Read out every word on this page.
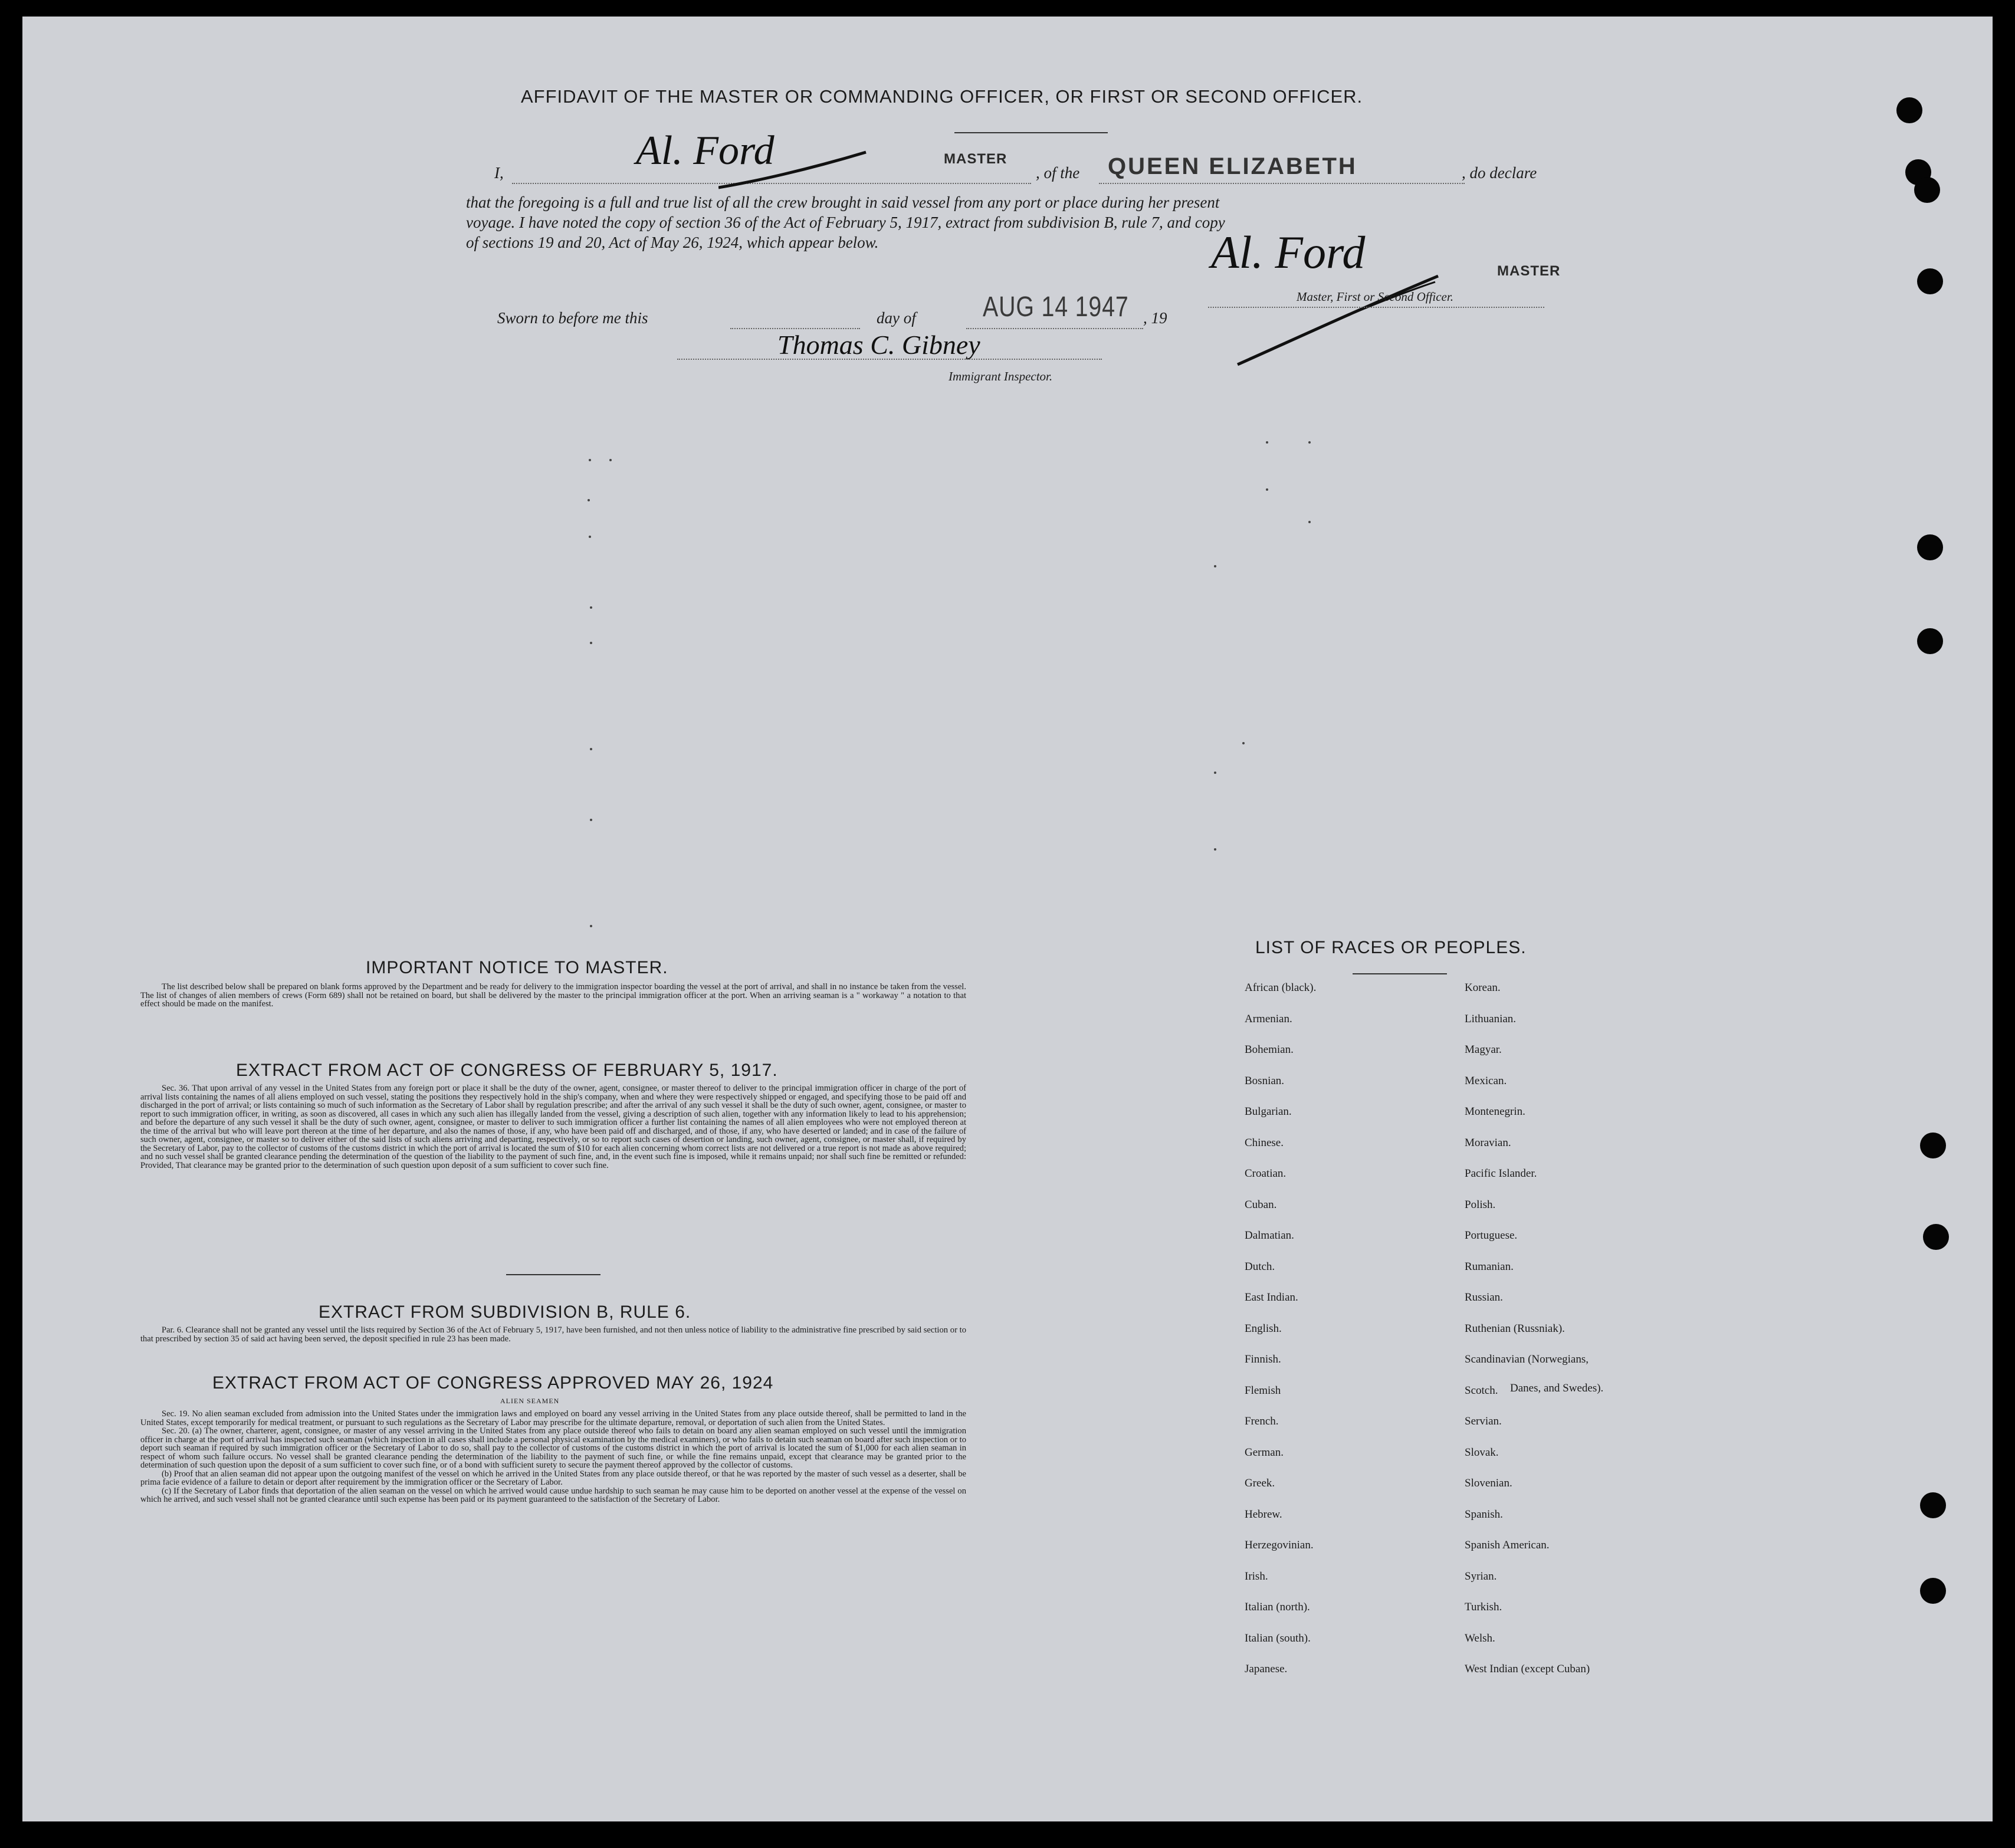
AFFIDAVIT OF THE MASTER OR COMMANDING OFFICER, OR FIRST OR SECOND OFFICER.
I,	Al. Ford	MASTER
, of the QUEEN ELIZABETH	, do declare
that the foregoing is a full and true list of all the crew brought in said vessel from any port or place during her present
voyage. I have noted the copy of section 36 of the Act of February 5, 1917, extract from subdivision B, rule 7, and copy
of sections 19 and 20, Act of May 26, 1924, which appear below.	Al. Ford	MASTER
Master, First or Second Officer.
Sworn to before me this	day of AUG 14 1947 , 19
Thomas C. Gibney
Immigrant Inspector.
IMPORTANT NOTICE TO MASTER.

The list described below shall be prepared on blank forms approved by the Department and be ready for delivery to the immigration inspector boarding the vessel at the port of arrival, and shall in no instance be taken from the vessel. The list of changes of alien members of crews (Form 689) shall not be retained on board, but shall be delivered by the master to the principal immigration officer at the port. When an arriving seaman is a " workaway " a notation to that effect should be made on the manifest.

EXTRACT FROM ACT OF CONGRESS OF FEBRUARY 5, 1917.

Sec. 36. That upon arrival of any vessel in the United States from any foreign port or place it shall be the duty of the owner, agent, consignee, or master thereof to deliver to the principal immigration officer in charge of the port of arrival lists containing the names of all aliens employed on such vessel, stating the positions they respectively hold in the ship's company, when and where they were respectively shipped or engaged, and specifying those to be paid off and discharged in the port of arrival; or lists containing so much of such information as the Secretary of Labor shall by regulation prescribe; and after the arrival of any such vessel it shall be the duty of such owner, agent, consignee, or master to report to such immigration officer, in writing, as soon as discovered, all cases in which any such alien has illegally landed from the vessel, giving a description of such alien, together with any information likely to lead to his apprehension; and before the departure of any such vessel it shall be the duty of such owner, agent, consignee, or master to deliver to such immigration officer a further list containing the names of all alien employees who were not employed thereon at the time of the arrival but who will leave port thereon at the time of her departure, and also the names of those, if any, who have been paid off and discharged, and of those, if any, who have deserted or landed; and in case of the failure of such owner, agent, consignee, or master so to deliver either of the said lists of such aliens arriving and departing, respectively, or so to report such cases of desertion or landing, such owner, agent, consignee, or master shall, if required by the Secretary of Labor, pay to the collector of customs of the customs district in which the port of arrival is located the sum of $10 for each alien concerning whom correct lists are not delivered or a true report is not made as above required; and no such vessel shall be granted clearance pending the determination of the question of the liability to the payment of such fine, and, in the event such fine is imposed, while it remains unpaid; nor shall such fine be remitted or refunded: Provided, That clearance may be granted prior to the determination of such question upon deposit of a sum sufficient to cover such fine.

EXTRACT FROM SUBDIVISION B, RULE 6.

Par. 6. Clearance shall not be granted any vessel until the lists required by Section 36 of the Act of February 5, 1917, have been furnished, and not then unless notice of liability to the administrative fine prescribed by said section or to that prescribed by section 35 of said act having been served, the deposit specified in rule 23 has been made.

EXTRACT FROM ACT OF CONGRESS APPROVED MAY 26, 1924
ALIEN SEAMEN

Sec. 19. No alien seaman excluded from admission into the United States under the immigration laws and employed on board any vessel arriving in the United States from any place outside thereof, shall be permitted to land in the United States, except temporarily for medical treatment, or pursuant to such regulations as the Secretary of Labor may prescribe for the ultimate departure, removal, or deportation of such alien from the United States.

Sec. 20. (a) The owner, charterer, agent, consignee, or master of any vessel arriving in the United States from any place outside thereof who fails to detain on board any alien seaman employed on such vessel until the immigration officer in charge at the port of arrival has inspected such seaman (which inspection in all cases shall include a personal physical examination by the medical examiners), or who fails to detain such seaman on board after such inspection or to deport such seaman if required by such immigration officer or the Secretary of Labor to do so, shall pay to the collector of customs of the customs district in which the port of arrival is located the sum of $1,000 for each alien seaman in respect of whom such failure occurs. No vessel shall be granted clearance pending the determination of the liability to the payment of such fine, or while the fine remains unpaid, except that clearance may be granted prior to the determination of such question upon the deposit of a sum sufficient to cover such fine, or of a bond with sufficient surety to secure the payment thereof approved by the collector of customs.

(b) Proof that an alien seaman did not appear upon the outgoing manifest of the vessel on which he arrived in the United States from any place outside thereof, or that he was reported by the master of such vessel as a deserter, shall be prima facie evidence of a failure to detain or deport after requirement by the immigration officer or the Secretary of Labor.

(c) If the Secretary of Labor finds that deportation of the alien seaman on the vessel on which he arrived would cause undue hardship to such seaman he may cause him to be deported on another vessel at the expense of the vessel on which he arrived, and such vessel shall not be granted clearance until such expense has been paid or its payment guaranteed to the satisfaction of the Secretary of Labor.

LIST OF RACES OR PEOPLES.
African (black).
Armenian.
Bohemian.
Bosnian.
Bulgarian.
Chinese.
Croatian.
Cuban.
Dalmatian.
Dutch.
East Indian.
English.
Finnish.
Flemish
French.
German.
Greek.
Hebrew.
Herzegovinian.
Irish.
Italian (north).
Italian (south).
Japanese.
Korean.
Lithuanian.
Magyar.
Mexican.
Montenegrin.
Moravian.
Pacific Islander.
Polish.
Portuguese.
Rumanian.
Russian.
Ruthenian (Russniak).
Scandinavian (Norwegians,
Scotch.
Servian.
Slovak.
Slovenian.
Spanish.
Spanish American.
Syrian.
Turkish.
Welsh.
West Indian (except Cuban)
Danes, and Swedes).
